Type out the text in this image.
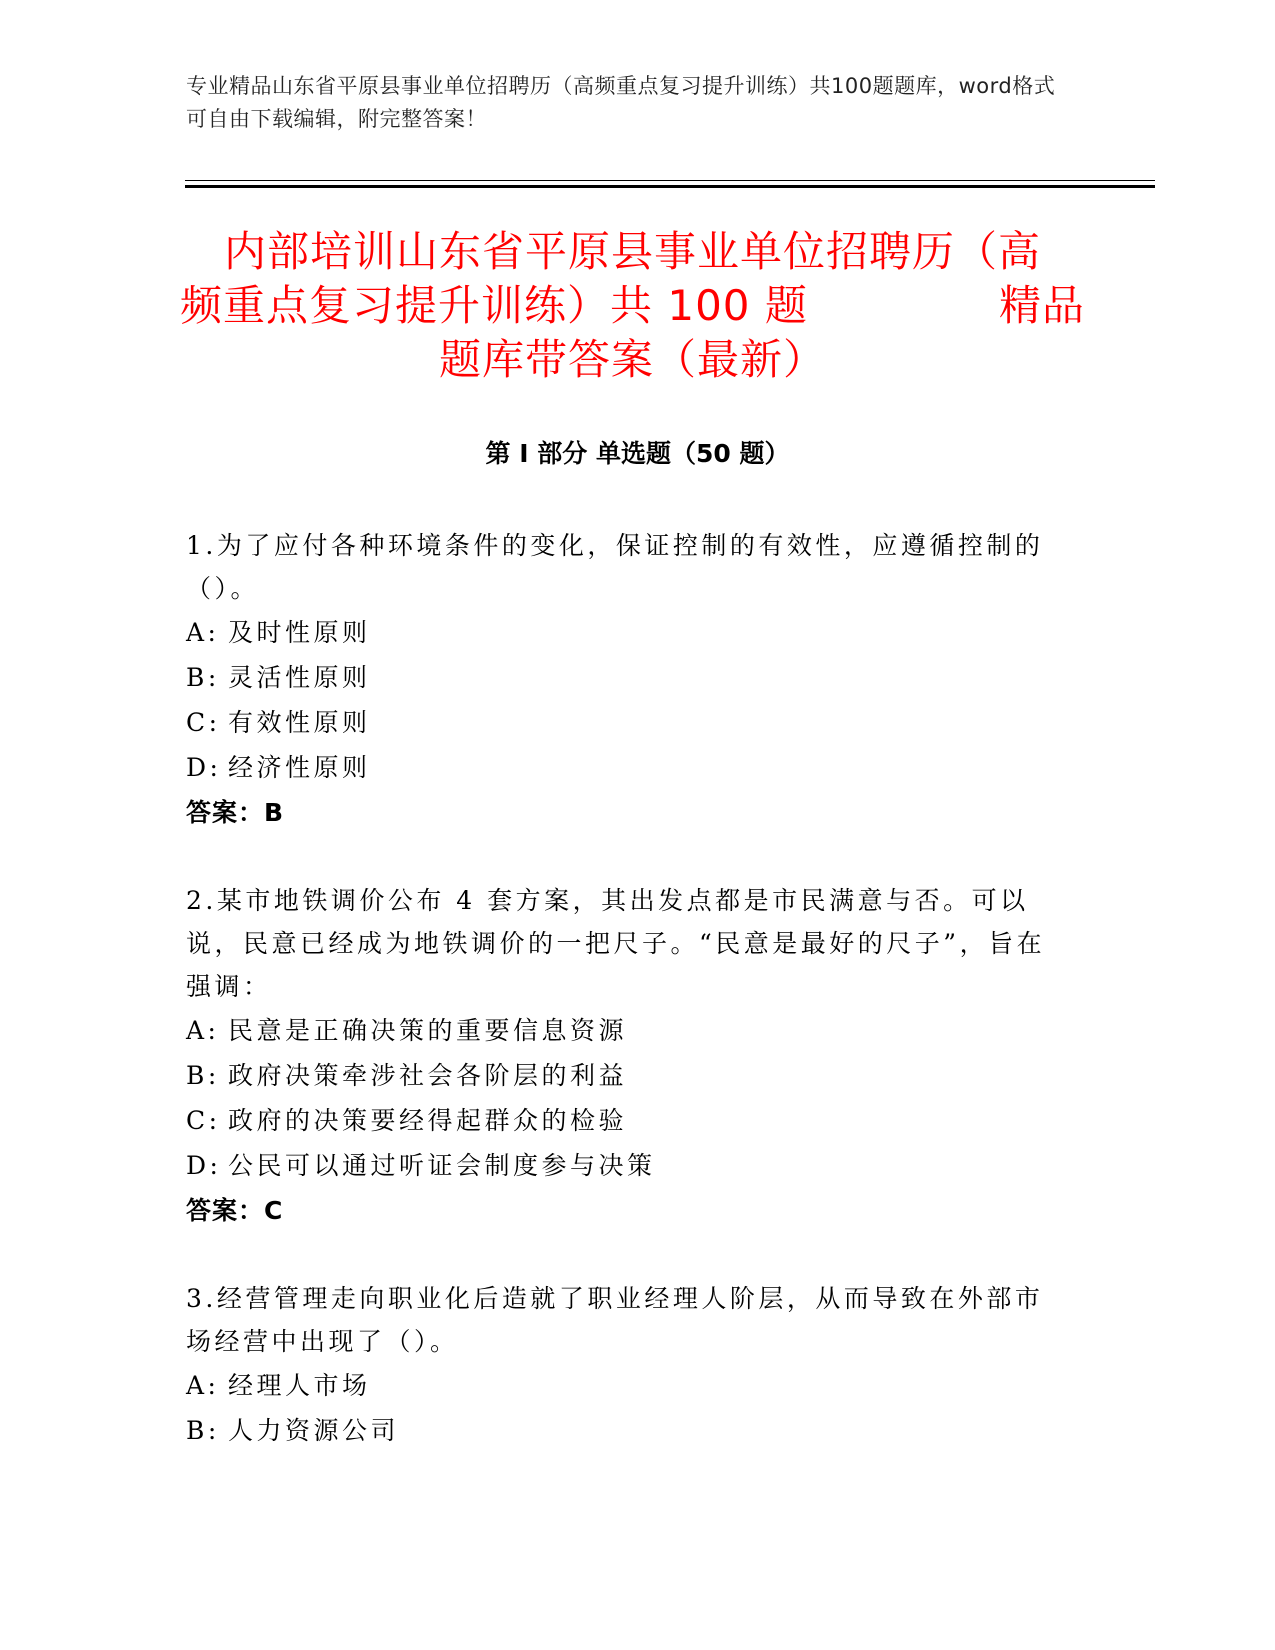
专业精品山东省平原县事业单位招聘历（高频重点复习提升训练）共100题题库，word格式可自由下载编辑，附完整答案！
内部培训山东省平原县事业单位招聘历（高
频重点复习提升训练）共 100 题	精品
题库带答案（最新）
第 I 部分 单选题（50 题）

1.为了应付各种环境条件的变化，保证控制的有效性，应遵循控制的（）。

A: 及时性原则
B: 灵活性原则
C: 有效性原则
D: 经济性原则
答案：B

2.某市地铁调价公布 4 套方案，其出发点都是市民满意与否。可以说，民意已经成为地铁调价的一把尺子。“民意是最好的尺子”，旨在强调：

A: 民意是正确决策的重要信息资源
B: 政府决策牵涉社会各阶层的利益
C: 政府的决策要经得起群众的检验
D: 公民可以通过听证会制度参与决策
答案：C

3.经营管理走向职业化后造就了职业经理人阶层，从而导致在外部市场经营中出现了（）。

A: 经理人市场
B: 人力资源公司
